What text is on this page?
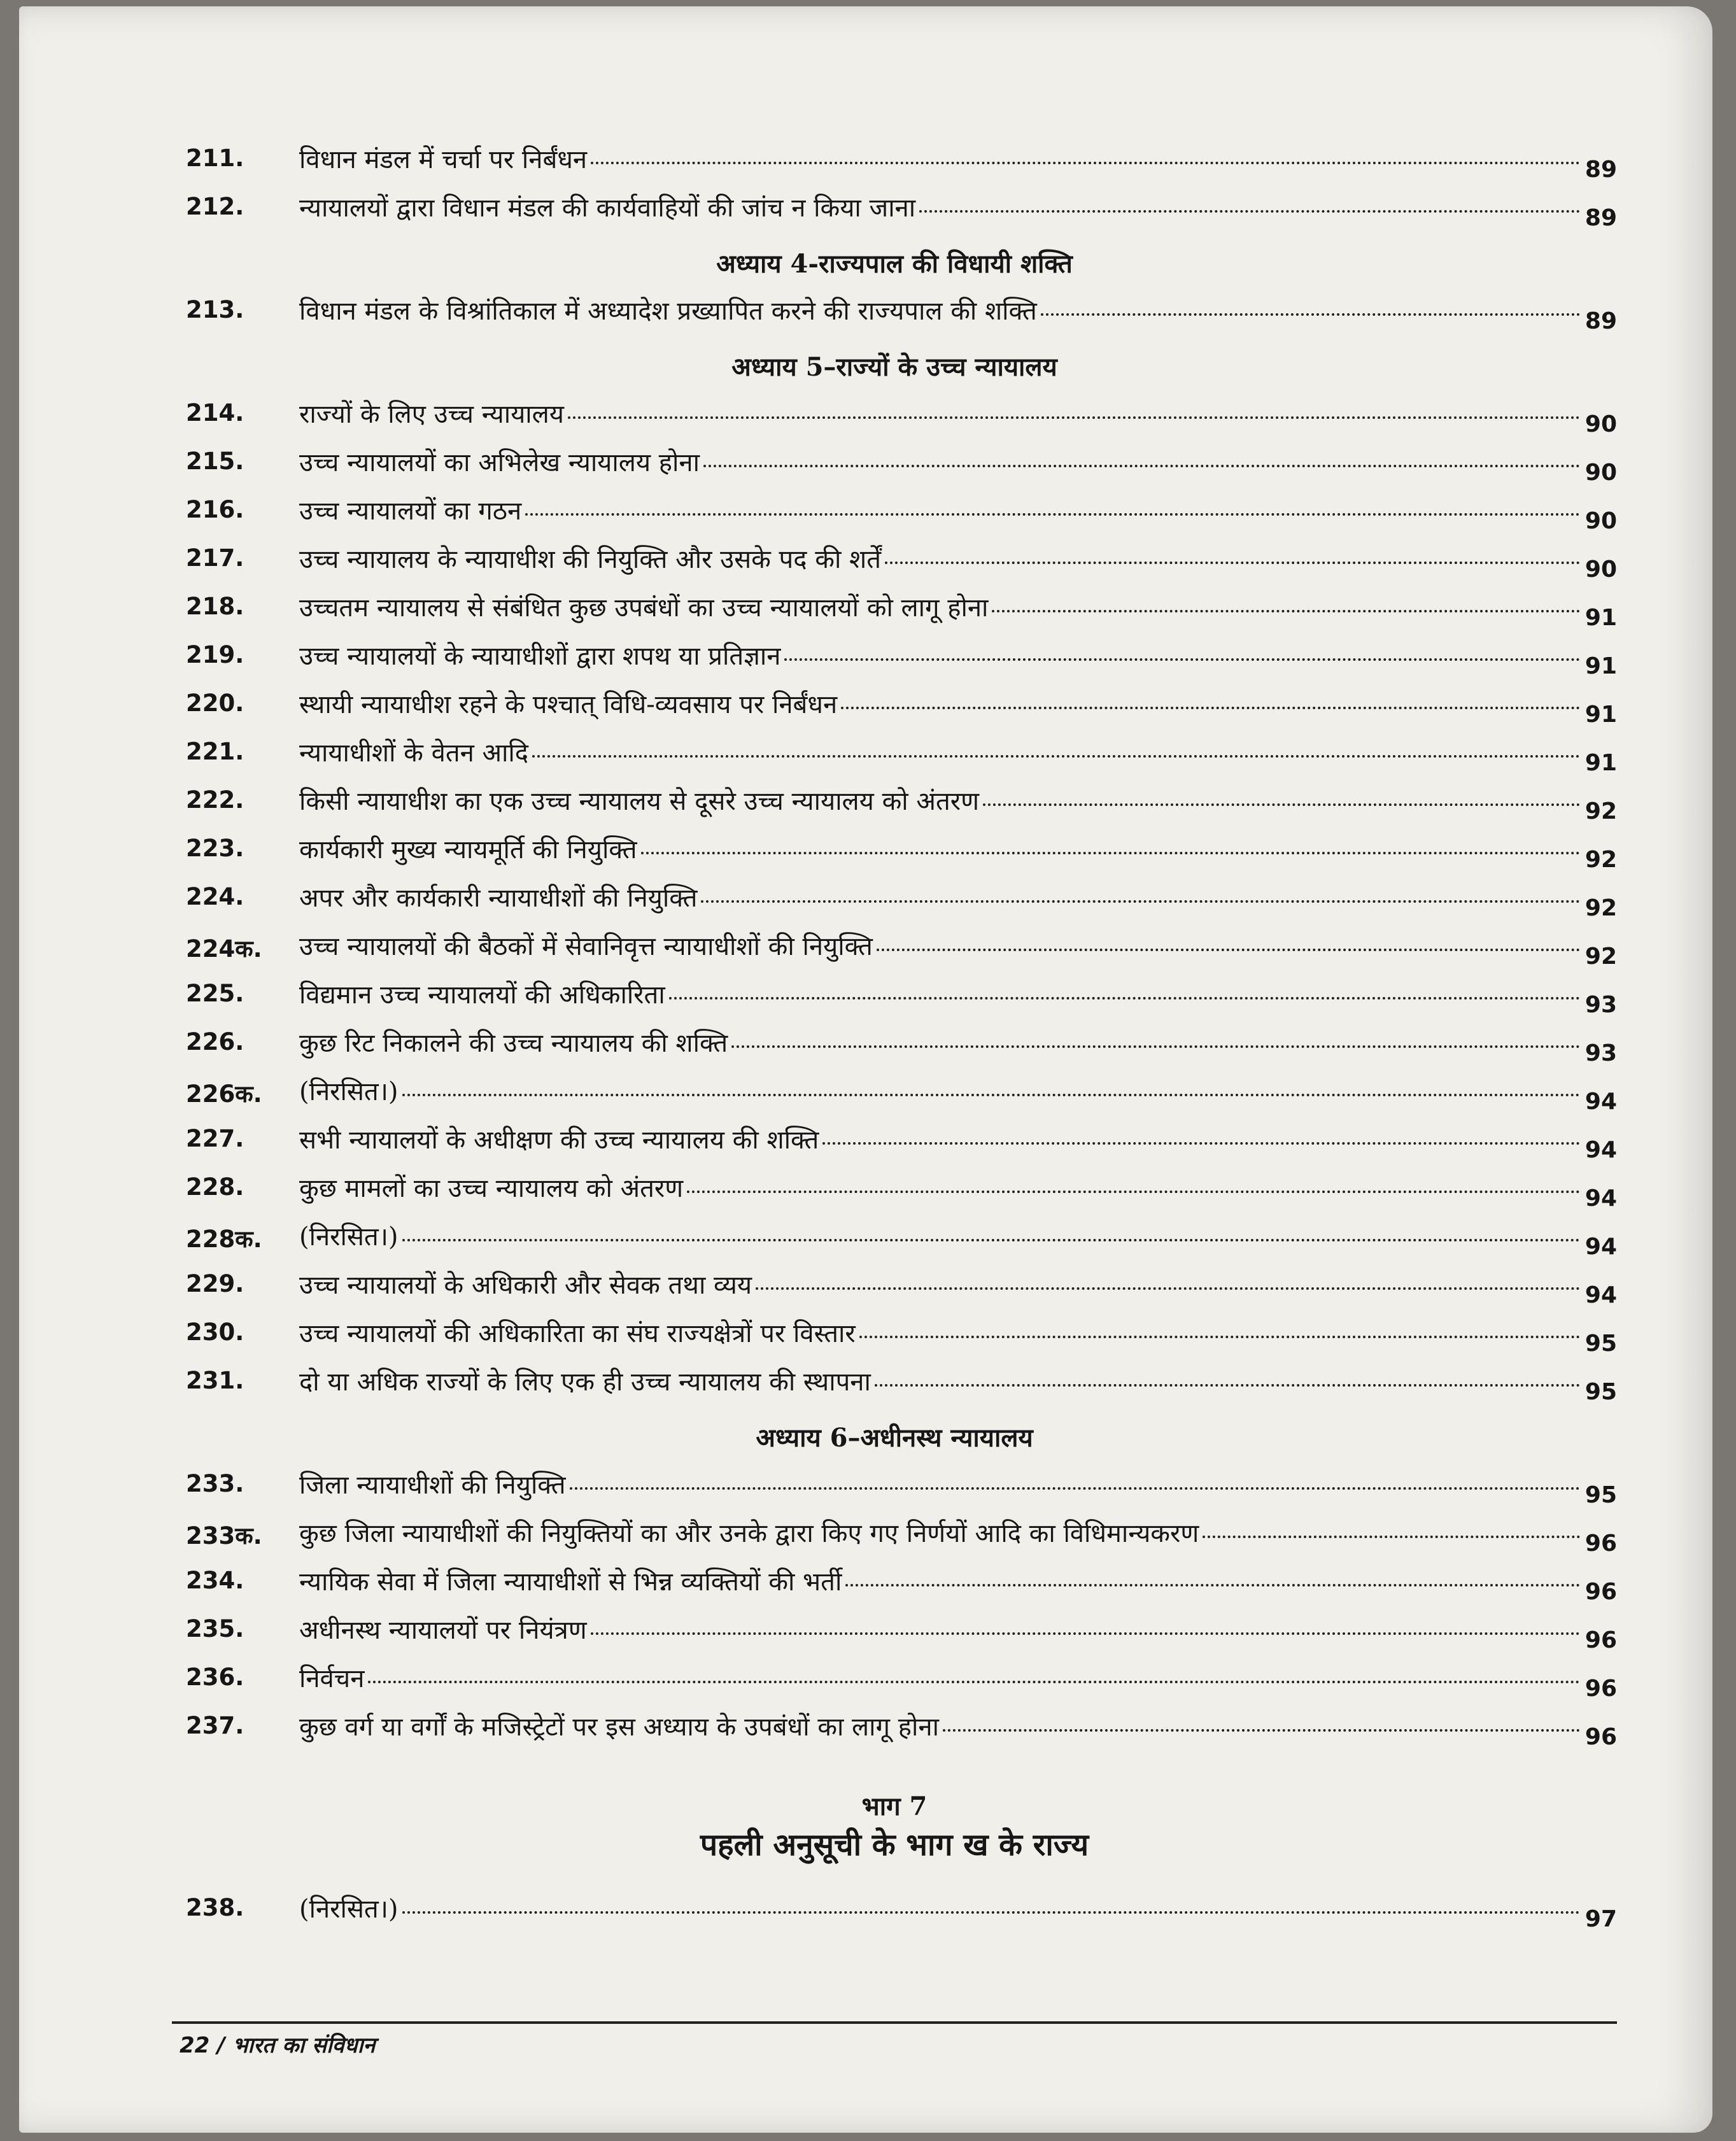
211.	विधान मंडल में चर्चा पर निर्बंधन	89
212.	न्यायालयों द्वारा विधान मंडल की कार्यवाहियों की जांच न किया जाना	89
अध्याय 4-राज्यपाल की विधायी शक्ति
213.	विधान मंडल के विश्रांतिकाल में अध्यादेश प्रख्यापित करने की राज्यपाल की शक्ति	89
अध्याय 5–राज्यों के उच्च न्यायालय
214.	राज्यों के लिए उच्च न्यायालय	90
215.	उच्च न्यायालयों का अभिलेख न्यायालय होना	90
216.	उच्च न्यायालयों का गठन	90
217.	उच्च न्यायालय के न्यायाधीश की नियुक्ति और उसके पद की शर्तें	90
218.	उच्चतम न्यायालय से संबंधित कुछ उपबंधों का उच्च न्यायालयों को लागू होना	91
219.	उच्च न्यायालयों के न्यायाधीशों द्वारा शपथ या प्रतिज्ञान	91
220.	स्थायी न्यायाधीश रहने के पश्चात् विधि-व्यवसाय पर निर्बंधन	91
221.	न्यायाधीशों के वेतन आदि	91
222.	किसी न्यायाधीश का एक उच्च न्यायालय से दूसरे उच्च न्यायालय को अंतरण	92
223.	कार्यकारी मुख्य न्यायमूर्ति की नियुक्ति	92
224.	अपर और कार्यकारी न्यायाधीशों की नियुक्ति	92
224क.	उच्च न्यायालयों की बैठकों में सेवानिवृत्त न्यायाधीशों की नियुक्ति	92
225.	विद्यमान उच्च न्यायालयों की अधिकारिता	93
226.	कुछ रिट निकालने की उच्च न्यायालय की शक्ति	93
226क.	(निरसित।)	94
227.	सभी न्यायालयों के अधीक्षण की उच्च न्यायालय की शक्ति	94
228.	कुछ मामलों का उच्च न्यायालय को अंतरण	94
228क.	(निरसित।)	94
229.	उच्च न्यायालयों के अधिकारी और सेवक तथा व्यय	94
230.	उच्च न्यायालयों की अधिकारिता का संघ राज्यक्षेत्रों पर विस्तार	95
231.	दो या अधिक राज्यों के लिए एक ही उच्च न्यायालय की स्थापना	95
अध्याय 6–अधीनस्थ न्यायालय
233.	जिला न्यायाधीशों की नियुक्ति	95
233क.	कुछ जिला न्यायाधीशों की नियुक्तियों का और उनके द्वारा किए गए निर्णयों आदि का विधिमान्यकरण	96
234.	न्यायिक सेवा में जिला न्यायाधीशों से भिन्न व्यक्तियों की भर्ती	96
235.	अधीनस्थ न्यायालयों पर नियंत्रण	96
236.	निर्वचन	96
237.	कुछ वर्ग या वर्गों के मजिस्ट्रेटों पर इस अध्याय के उपबंधों का लागू होना	96
भाग 7
पहली अनुसूची के भाग ख के राज्य
238.	(निरसित।)	97
22 / भारत का संविधान
